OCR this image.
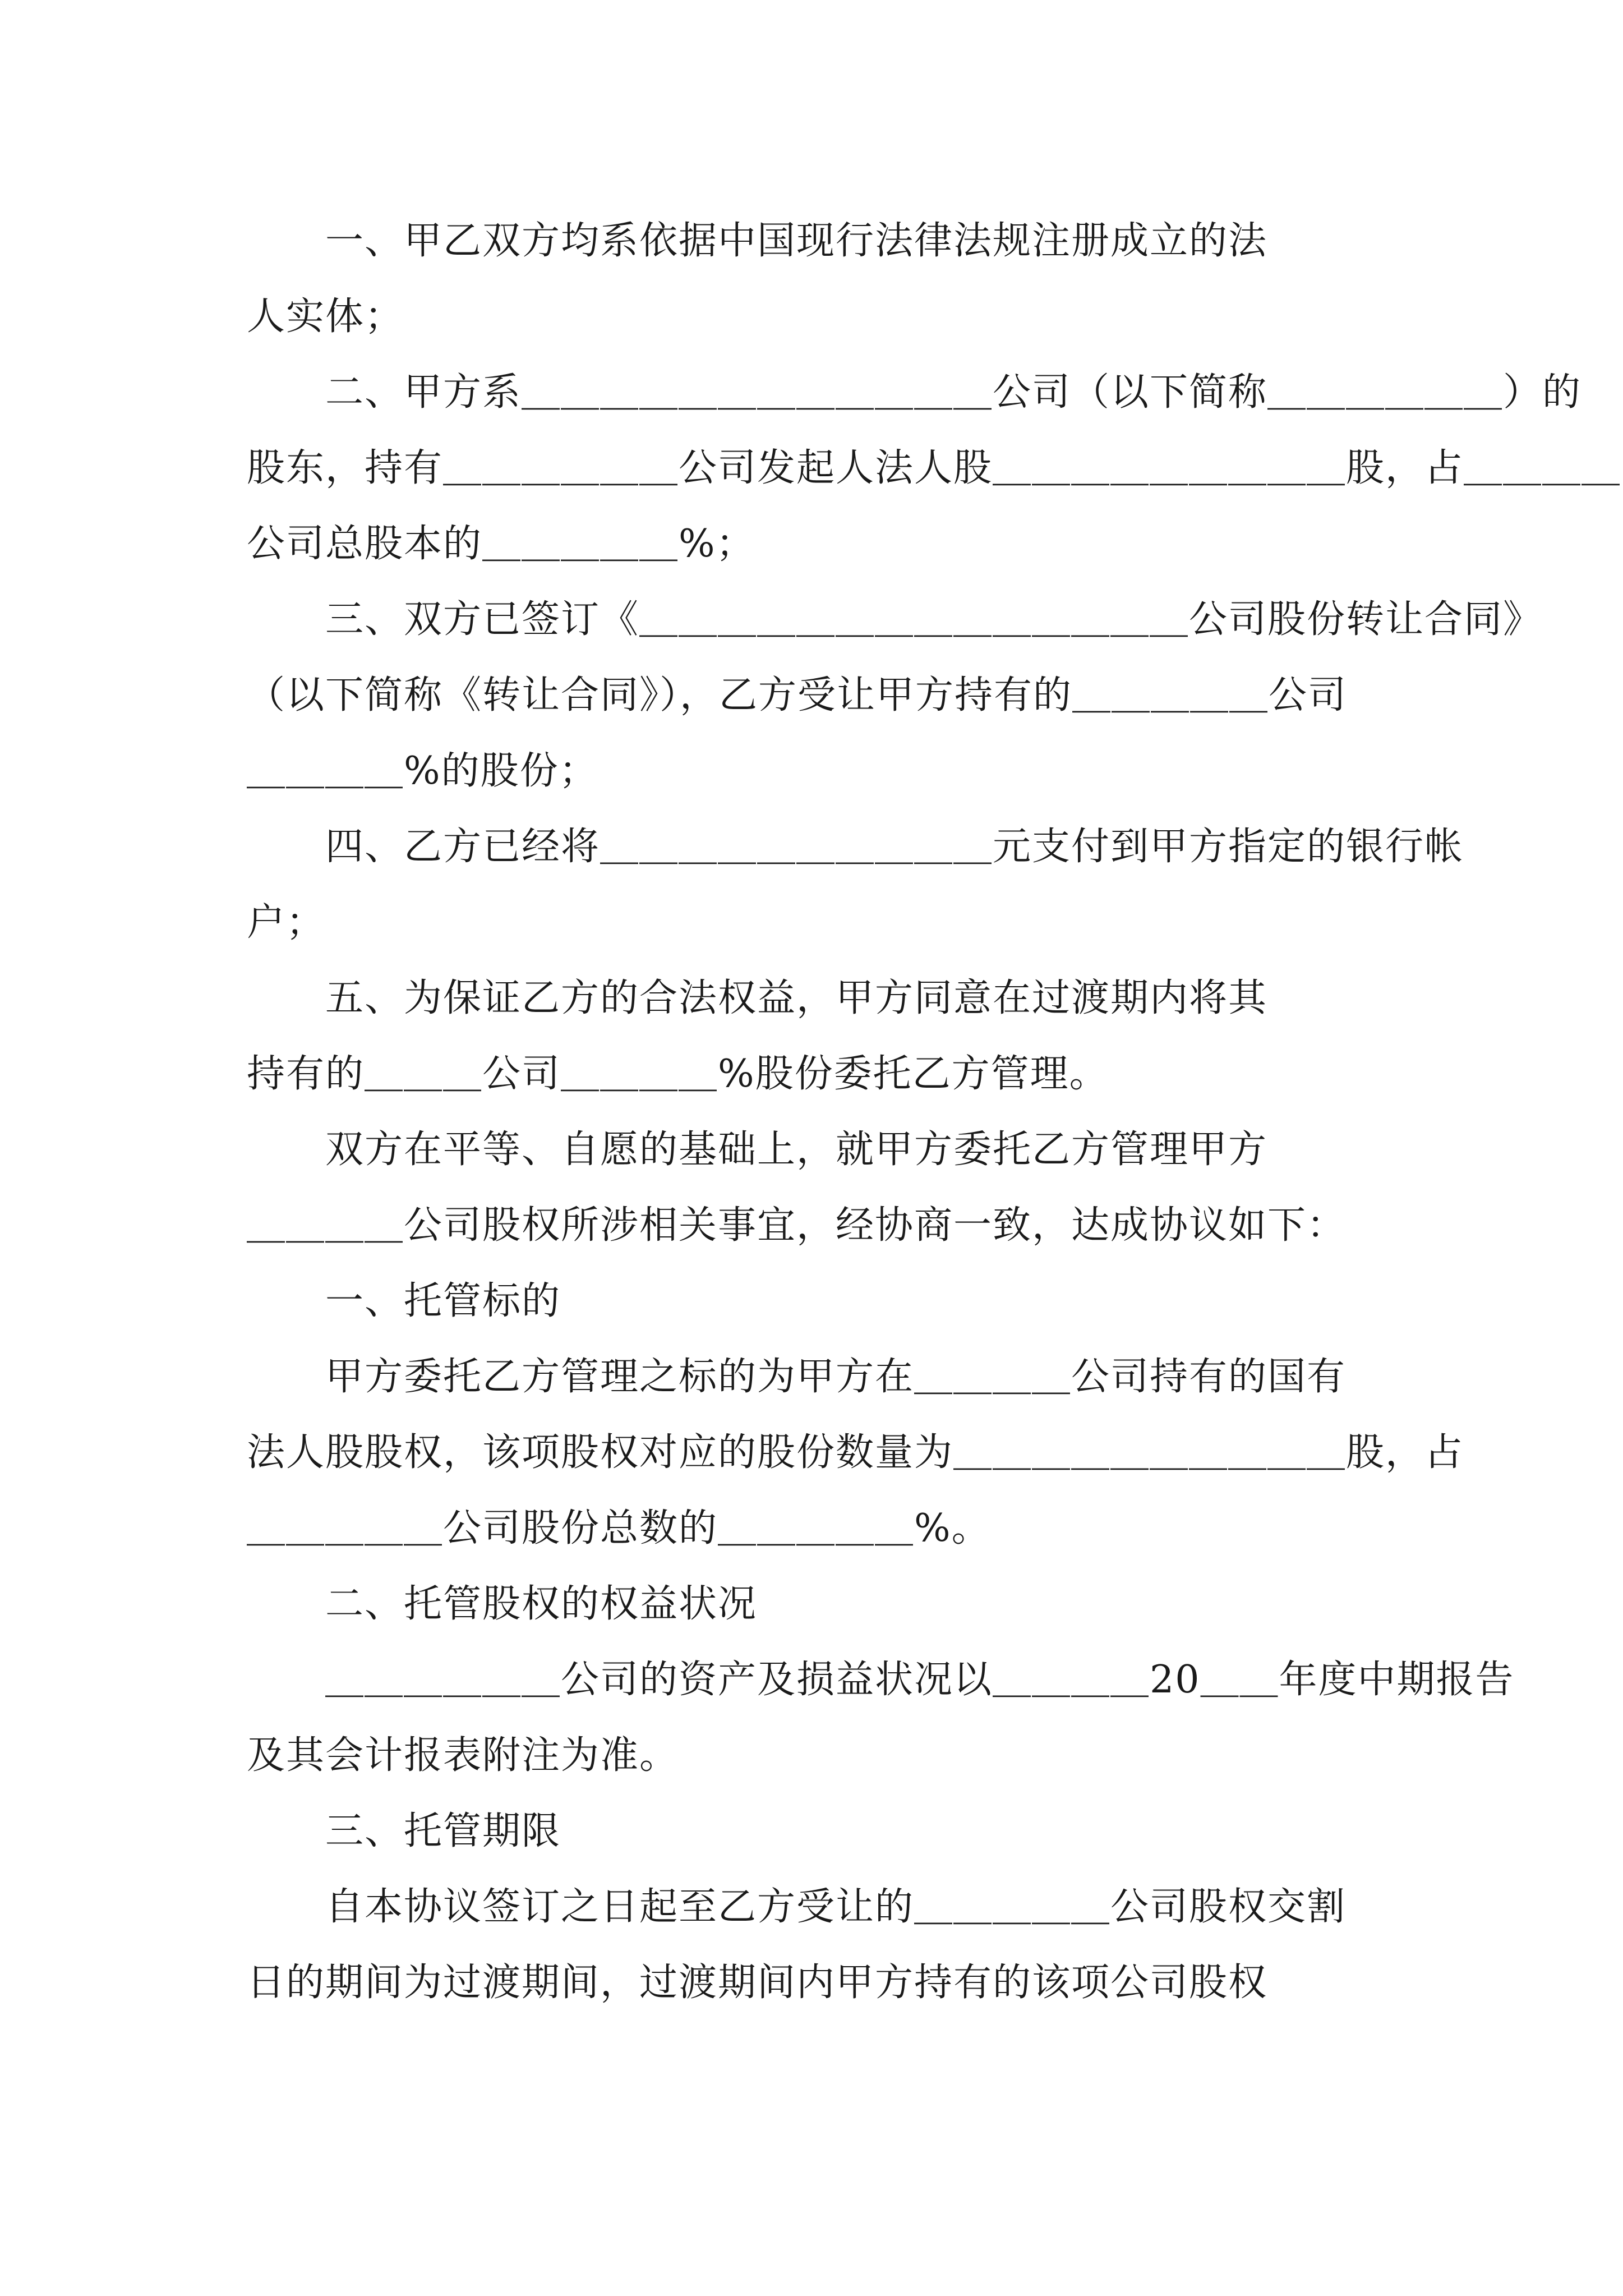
　　一、甲乙双方均系依据中国现行法律法规注册成立的法
人实体；
　　二、甲方系＿＿＿＿＿＿＿＿＿＿＿＿公司（以下简称＿＿＿＿＿＿）的
股东，持有＿＿＿＿＿＿公司发起人法人股＿＿＿＿＿＿＿＿＿股，占＿＿＿＿
公司总股本的＿＿＿＿＿%；
　　三、双方已签订《＿＿＿＿＿＿＿＿＿＿＿＿＿＿公司股份转让合同》
（以下简称《转让合同》），乙方受让甲方持有的＿＿＿＿＿公司
＿＿＿＿%的股份；
　　四、乙方已经将＿＿＿＿＿＿＿＿＿＿元支付到甲方指定的银行帐
户；
　　五、为保证乙方的合法权益，甲方同意在过渡期内将其
持有的＿＿＿公司＿＿＿＿%股份委托乙方管理。
　　双方在平等、自愿的基础上，就甲方委托乙方管理甲方
＿＿＿＿公司股权所涉相关事宜，经协商一致，达成协议如下：
　　一、托管标的
　　甲方委托乙方管理之标的为甲方在＿＿＿＿公司持有的国有
法人股股权，该项股权对应的股份数量为＿＿＿＿＿＿＿＿＿＿股，占
＿＿＿＿＿公司股份总数的＿＿＿＿＿%。
　　二、托管股权的权益状况
　　＿＿＿＿＿＿公司的资产及损益状况以＿＿＿＿20＿＿年度中期报告
及其会计报表附注为准。
　　三、托管期限
　　自本协议签订之日起至乙方受让的＿＿＿＿＿公司股权交割
日的期间为过渡期间，过渡期间内甲方持有的该项公司股权
